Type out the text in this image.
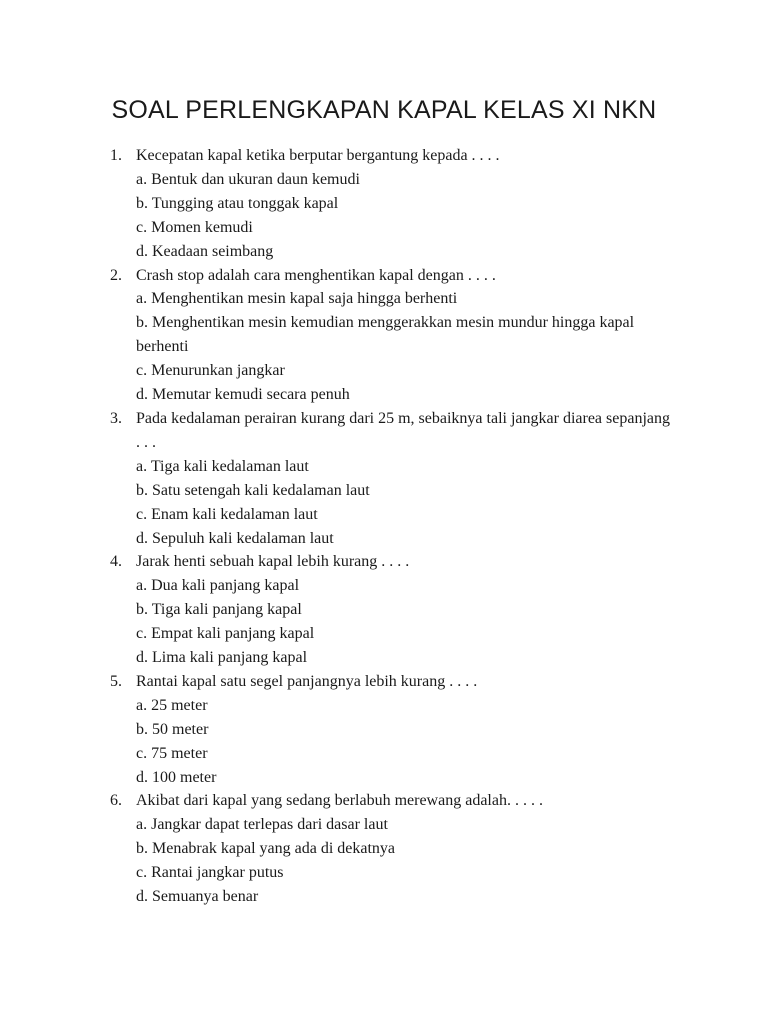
SOAL PERLENGKAPAN KAPAL KELAS XI NKN
1. Kecepatan kapal ketika berputar bergantung kepada . . . .
a. Bentuk dan ukuran daun kemudi
b. Tungging atau tonggak kapal
c. Momen kemudi
d. Keadaan seimbang
2. Crash stop adalah cara menghentikan kapal dengan . . . .
a. Menghentikan mesin kapal saja hingga berhenti
b. Menghentikan mesin kemudian menggerakkan mesin mundur hingga kapal berhenti
c. Menurunkan jangkar
d. Memutar kemudi secara penuh
3. Pada kedalaman perairan kurang dari 25 m, sebaiknya tali jangkar diarea sepanjang . . .
a. Tiga kali kedalaman laut
b. Satu setengah kali kedalaman laut
c. Enam kali kedalaman laut
d. Sepuluh kali kedalaman laut
4. Jarak henti sebuah kapal lebih kurang . . . .
a. Dua kali panjang kapal
b. Tiga kali panjang kapal
c. Empat kali panjang kapal
d. Lima kali panjang kapal
5. Rantai kapal satu segel panjangnya lebih kurang . . . .
a. 25 meter
b. 50 meter
c. 75 meter
d. 100 meter
6. Akibat dari kapal yang sedang berlabuh merewang adalah. . . . .
a. Jangkar dapat terlepas dari dasar laut
b. Menabrak kapal yang ada di dekatnya
c. Rantai jangkar putus
d. Semuanya benar
